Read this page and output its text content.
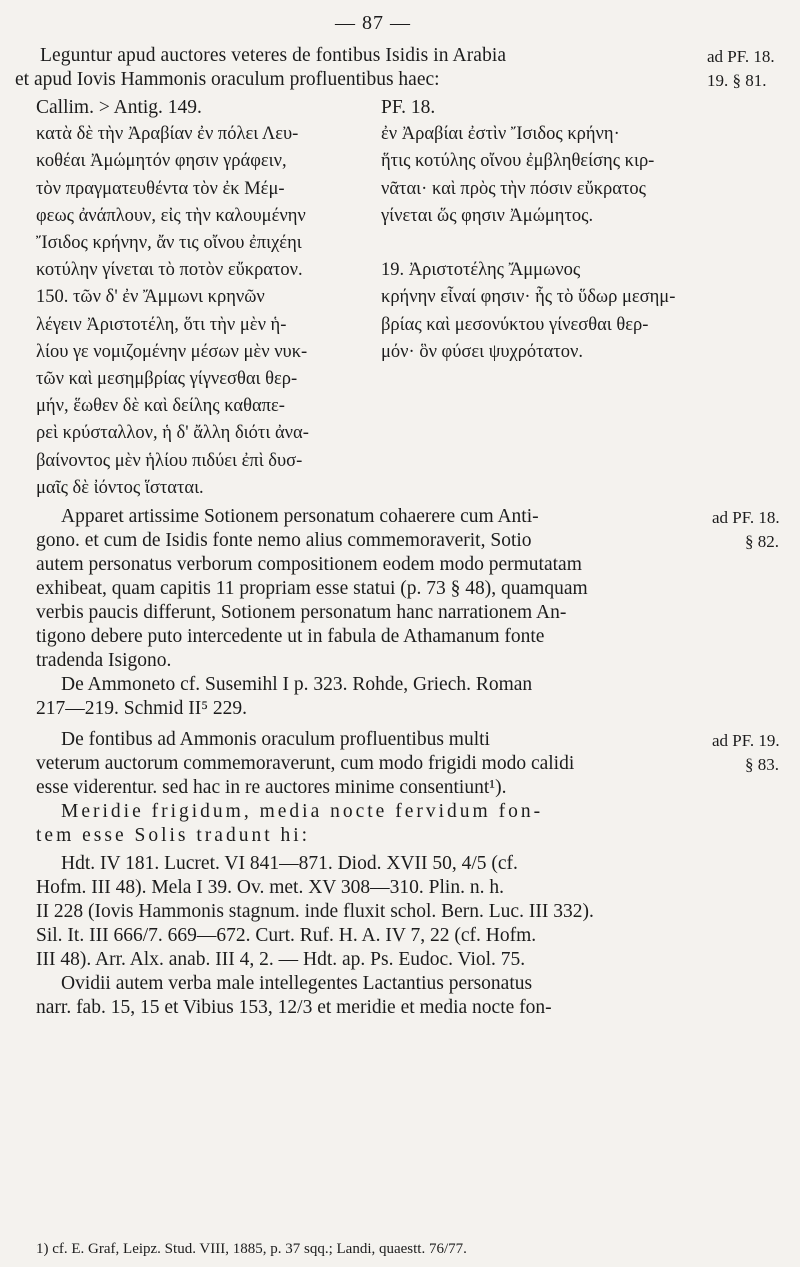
— 87 —
Leguntur apud auctores veteres de fontibus Isidis in Arabia	ad PF. 18.
et apud Iovis Hammonis oraculum profluentibus haec:	19. § 81.
Callim. > Antig. 149.
κατὰ δὲ τὴν Ἀραβίαν ἐν πόλει Λευ-
κοθέαι Ἀμώμητόν φησιν γράφειν,
τὸν πραγματευθέντα τὸν ἐκ Μέμ-
φεως ἀνάπλουν, εἰς τὴν καλουμένην
Ἴσιδος κρήνην, ἄν τις οἴνου ἐπιχέηι
κοτύλην γίνεται τὸ ποτὸν εὔκρατον.
150. τῶν δ' ἐν Ἄμμωνι κρηνῶν
λέγειν Ἀριστοτέλη, ὅτι τὴν μὲν ἡ-
λίου γε νομιζομένην μέσων μὲν νυκ-
τῶν καὶ μεσημβρίας γίγνεσθαι θερ-
μήν, ἕωθεν δὲ καὶ δείλης καθαπε-
ρεὶ κρύσταλλον, ἡ δ' ἄλλη διότι ἀνα-
βαίνοντος μὲν ἡλίου πιδύει ἐπὶ δυσ-
μαῖς δὲ ἰόντος ἵσταται.
PF. 18.
ἐν Ἀραβίαι ἐστὶν Ἴσιδος κρήνη·
ἥτις κοτύλης οἴνου ἐμβληθείσης κιρ-
νᾶται· καὶ πρὸς τὴν πόσιν εὔκρατος
γίνεται ὥς φησιν Ἀμώμητος.

19. Ἀριστοτέλης Ἄμμωνος
κρήνην εἶναί φησιν· ἧς τὸ ὕδωρ μεσημ-
βρίας καὶ μεσονύκτου γίνεσθαι θερ-
μόν· ὃν φύσει ψυχρότατον.
Apparet artissime Sotionem personatum cohaerere cum Anti-	ad PF. 18.
gono. et cum de Isidis fonte nemo alius commemoraverit, Sotio	§ 82.
autem personatus verborum compositionem eodem modo permutatam
exhibeat, quam capitis 11 propriam esse statui (p. 73 § 48), quamquam
verbis paucis differunt, Sotionem personatum hanc narrationem An-
tigono debere puto intercedente ut in fabula de Athamanum fonte
tradenda Isigono.
De Ammoneto cf. Susemihl I p. 323. Rohde, Griech. Roman
217—219. Schmid II⁵ 229.
De fontibus ad Ammonis oraculum profluentibus multi	ad PF. 19.
veterum auctorum commemoraverunt, cum modo frigidi modo calidi	§ 83.
esse viderentur. sed hac in re auctores minime consentiunt¹).
Meridie frigidum, media nocte fervidum fon-
tem esse Solis tradunt hi:
Hdt. IV 181. Lucret. VI 841—871. Diod. XVII 50, 4/5 (cf.
Hofm. III 48). Mela I 39. Ov. met. XV 308—310. Plin. n. h.
II 228 (Iovis Hammonis stagnum. inde fluxit schol. Bern. Luc. III 332).
Sil. It. III 666/7. 669—672. Curt. Ruf. H. A. IV 7, 22 (cf. Hofm.
III 48). Arr. Alx. anab. III 4, 2. — Hdt. ap. Ps. Eudoc. Viol. 75.
Ovidii autem verba male intellegentes Lactantius personatus
narr. fab. 15, 15 et Vibius 153, 12/3 et meridie et media nocte fon-
1) cf. E. Graf, Leipz. Stud. VIII, 1885, p. 37 sqq.; Landi, quaestt. 76/77.
